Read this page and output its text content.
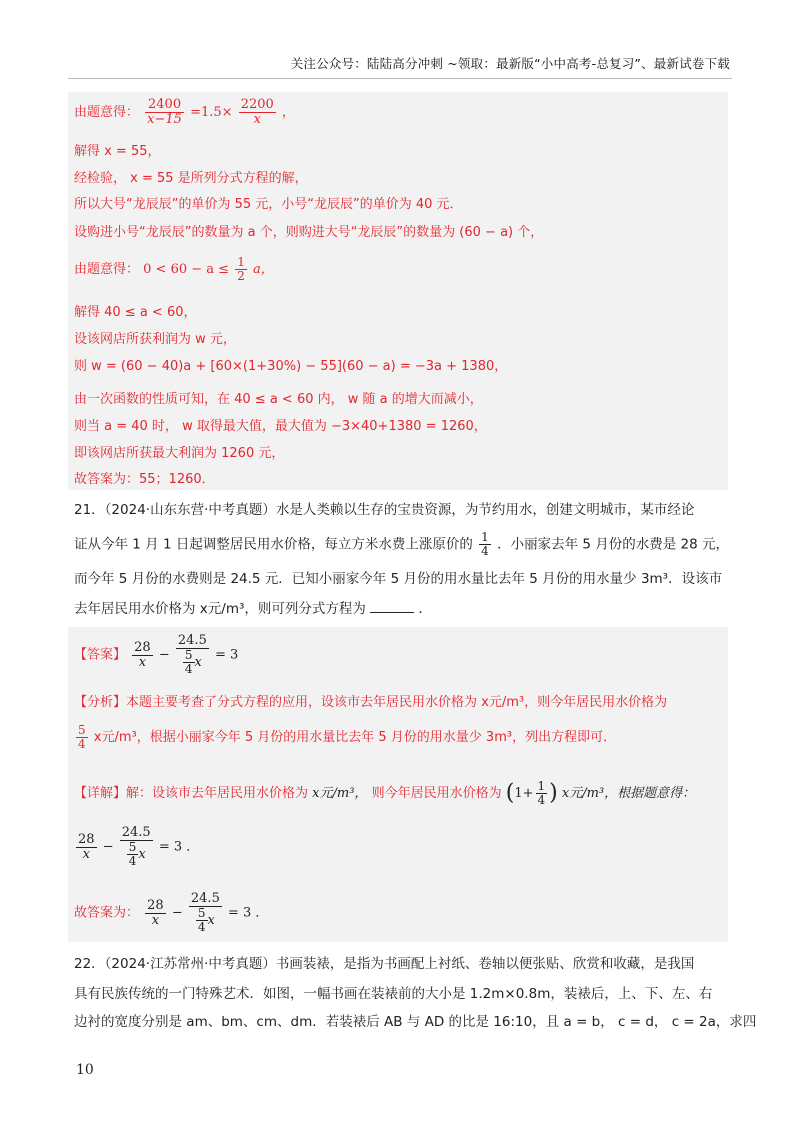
关注公众号：陆陆高分冲刺 ~领取：最新版“小中高考-总复习”、最新试卷下载
由题意得： $\frac{2400}{x-15} =1.5\times \frac{2200}{x}$ ，
解得 x = 55，
经检验， x = 55 是所列分式方程的解，
所以大号“龙辰辰”的单价为 55 元，小号“龙辰辰”的单价为 40 元．
设购进小号“龙辰辰”的数量为 a 个，则购进大号“龙辰辰”的数量为 (60 − a) 个，
由题意得： $0 < 60 - a \le \frac{1}{2}$ a，
解得 40 ≤ a < 60，
设该网店所获利润为 w 元，
则 w = (60 − 40)a + [60×(1+30%) − 55](60 − a) = −3a + 1380，
由一次函数的性质可知，在 40 ≤ a < 60 内， w 随 a 的增大而减小，
则当 a = 40 时， w 取得最大值，最大值为 −3×40+1380 = 1260，
即该网店所获最大利润为 1260 元，
故答案为：55；1260．
21．（2024·山东东营·中考真题）水是人类赖以生存的宝贵资源，为节约用水，创建文明城市，某市经论
证从今年 1 月 1 日起调整居民用水价格，每立方米水费上涨原价的 $\frac{1}{4}$ ．小丽家去年 5 月份的水费是 28 元，
而今年 5 月份的水费则是 24.5 元．已知小丽家今年 5 月份的用水量比去年 5 月份的用水量少 3m³．设该市
去年居民用水价格为 x元/m³，则可列分式方程为	．
【答案】 $\frac{28}{x} - \frac{24.5}{\frac{5}{4} x} = 3$
【分析】本题主要考查了分式方程的应用，设该市去年居民用水价格为 x元/m³，则今年居民用水价格为
$\frac{5}{4}$ x元/m³，根据小丽家今年 5 月份的用水量比去年 5 月份的用水量少 3m³，列出方程即可．
【详解】解：设该市去年居民用水价格为 x元/m³， 则今年居民用水价格为 ($1+ \frac{1}{4}$ ) x元/m³，根据题意得：
$\frac{28}{x} - \frac{24.5}{\frac{5}{4} x} = 3$ ．
故答案为： $\frac{28}{x} - \frac{24.5}{\frac{5}{4} x} = 3$ ．
22．（2024·江苏常州·中考真题）书画装裱，是指为书画配上衬纸、卷轴以便张贴、欣赏和收藏，是我国
具有民族传统的一门特殊艺术．如图，一幅书画在装裱前的大小是 1.2m×0.8m，装裱后，上、下、左、右
边衬的宽度分别是 am、bm、cm、dm．若装裱后 AB 与 AD 的比是 16:10，且 a = b， c = d， c = 2a，求四
10
